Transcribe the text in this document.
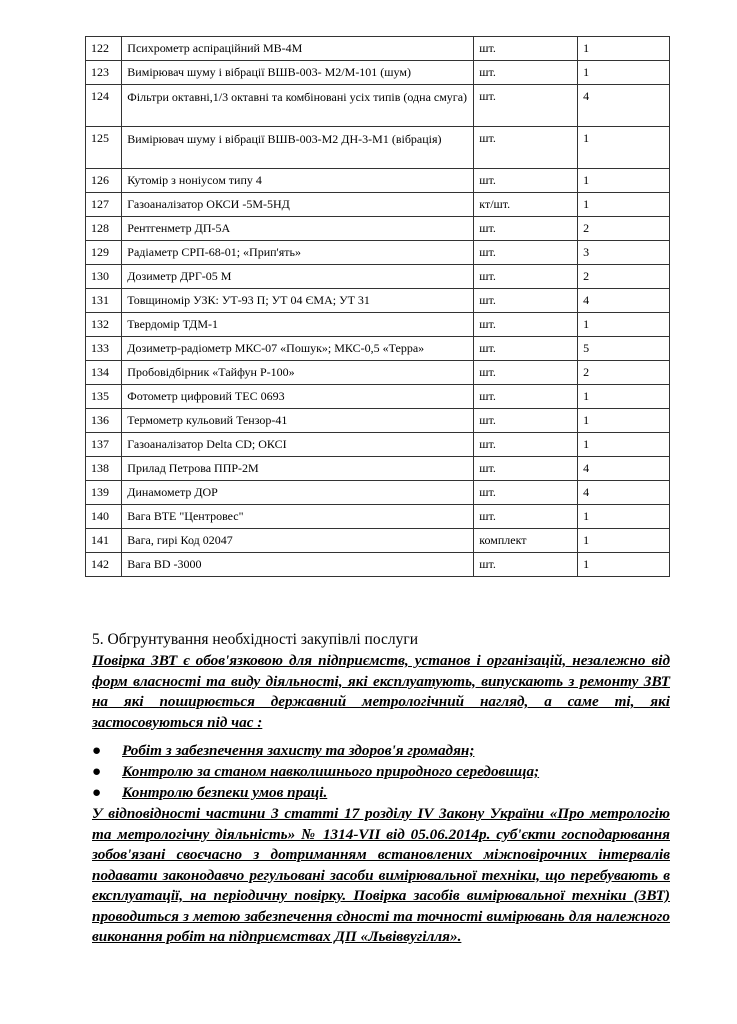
122	Психрометр аспіраційний МВ-4М	шт.	1
123	Вимірювач шуму і вібрації ВШВ-003- М2/М-101 (шум)	шт.	1
124	Фільтри октавні,1/3 октавні та комбіновані усіх типів (одна смуга)	шт.	4
125	Вимірювач шуму і вібрації ВШВ-003-М2 ДН-3-М1 (вібрація)	шт.	1
126	Кутомір з ноніусом типу 4	шт.	1
127	Газоаналізатор ОКСИ -5М-5НД	кт/шт.	1
128	Рентгенметр ДП-5А	шт.	2
129	Радіаметр СРП-68-01; «Прип'ять»	шт.	3
130	Дозиметр ДРГ-05 М	шт.	2
131	Товщиномір УЗК: УТ-93 П; УТ 04 ЄМА; УТ 31	шт.	4
132	Твердомір ТДМ-1	шт.	1
133	Дозиметр-радіометр МКС-07 «Пошук»; МКС-0,5 «Терра»	шт.	5
134	Пробовідбірник «Тайфун Р-100»	шт.	2
135	Фотометр цифровий ТЕС 0693	шт.	1
136	Термометр кульовий Тензор-41	шт.	1
137	Газоаналізатор Delta CD; ОКСІ	шт.	1
138	Прилад Петрова ППР-2М	шт.	4
139	Динамометр ДОР	шт.	4
140	Вага ВТЕ "Центровес"	шт.	1
141	Вага, гирі Код 02047	комплект	1
142	Вага BD -3000	шт.	1
5. Обгрунтування необхідності закупівлі послуги
Повірка ЗВТ є обов'язковою для підприємств, установ і організацій, незалежно від форм власності та виду діяльності, які експлуатують, випускають з ремонту ЗВТ на які поширюється державний метрологічний нагляд, а саме ті, які застосовуються під час :
● Робіт з забезпечення захисту та здоров'я громадян;
● Контролю за станом навколишнього природного середовища;
● Контролю безпеки умов праці.
У відповідності частини 3 статті 17 розділу IV Закону України «Про метрологію та метрологічну діяльність» № 1314-VII від 05.06.2014р. суб'єкти господарювання зобов'язані своєчасно з дотриманням встановлених міжповірочних інтервалів подавати законодавчо регульовані засоби вимірювальної техніки, що перебувають в експлуатації, на періодичну повірку. Повірка засобів вимірювальної техніки (ЗВТ) проводиться з метою забезпечення єдності та точності вимірювань для належного виконання робіт на підприємствах ДП «Львіввугілля».
